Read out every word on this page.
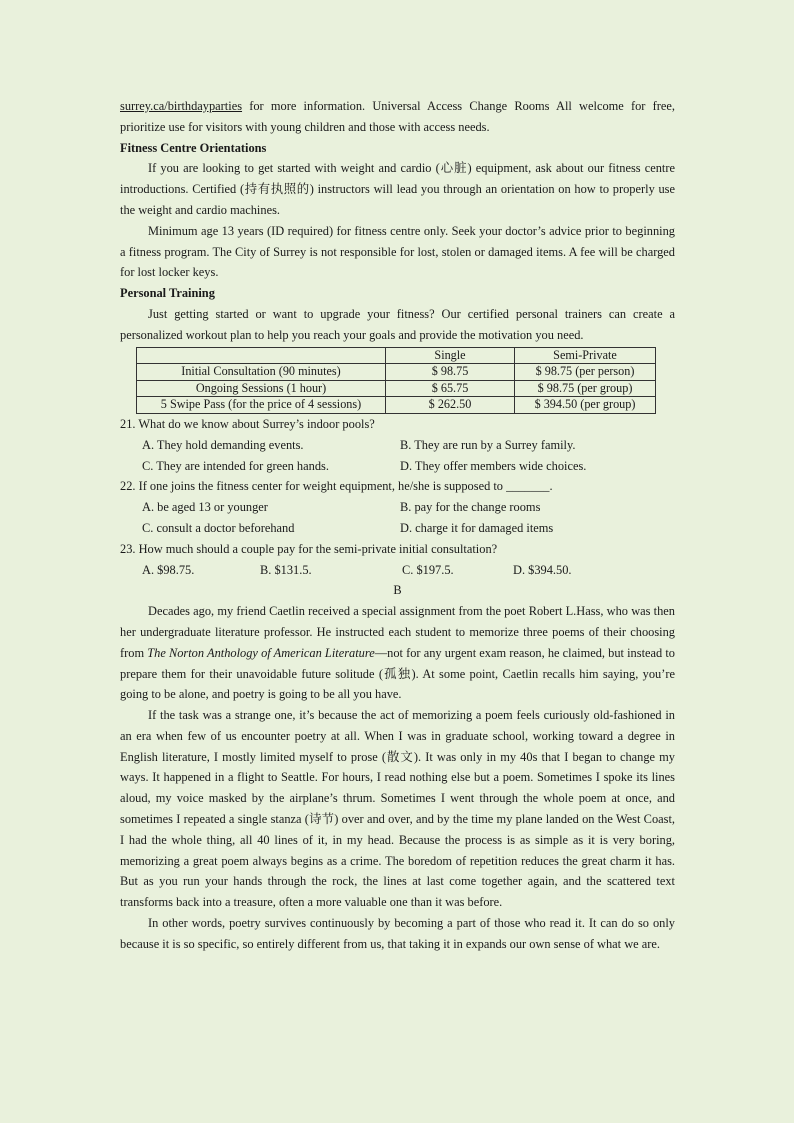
surrey.ca/birthdayparties for more information. Universal Access Change Rooms All welcome for free, prioritize use for visitors with young children and those with access needs.

Fitness Centre Orientations

If you are looking to get started with weight and cardio (心脏) equipment, ask about our fitness centre introductions. Certified (持有执照的) instructors will lead you through an orientation on how to properly use the weight and cardio machines.

Minimum age 13 years (ID required) for fitness centre only. Seek your doctor’s advice prior to beginning a fitness program. The City of Surrey is not responsible for lost, stolen or damaged items. A fee will be charged for lost locker keys.

Personal Training

Just getting started or want to upgrade your fitness? Our certified personal trainers can create a personalized workout plan to help you reach your goals and provide the motivation you need.

	Single	Semi-Private
Initial Consultation (90 minutes)	$ 98.75	$ 98.75 (per person)
Ongoing Sessions (1 hour)	$ 65.75	$ 98.75 (per group)
5 Swipe Pass (for the price of 4 sessions)	$ 262.50	$ 394.50 (per group)

21. What do we know about Surrey’s indoor pools?

A. They hold demanding events.	B. They are run by a Surrey family.
C. They are intended for green hands.	D. They offer members wide choices.

22. If one joins the fitness center for weight equipment, he/she is supposed to _______.

A. be aged 13 or younger	B. pay for the change rooms
C. consult a doctor beforehand	D. charge it for damaged items

23. How much should a couple pay for the semi-private initial consultation?

A. $98.75.	B. $131.5.	C. $197.5.	D. $394.50.

B

Decades ago, my friend Caetlin received a special assignment from the poet Robert L.Hass, who was then her undergraduate literature professor. He instructed each student to memorize three poems of their choosing from The Norton Anthology of American Literature—not for any urgent exam reason, he claimed, but instead to prepare them for their unavoidable future solitude (孤独). At some point, Caetlin recalls him saying, you’re going to be alone, and poetry is going to be all you have.

If the task was a strange one, it’s because the act of memorizing a poem feels curiously old-fashioned in an era when few of us encounter poetry at all. When I was in graduate school, working toward a degree in English literature, I mostly limited myself to prose (散文). It was only in my 40s that I began to change my ways. It happened in a flight to Seattle. For hours, I read nothing else but a poem. Sometimes I spoke its lines aloud, my voice masked by the airplane’s thrum. Sometimes I went through the whole poem at once, and sometimes I repeated a single stanza (诗节) over and over, and by the time my plane landed on the West Coast, I had the whole thing, all 40 lines of it, in my head. Because the process is as simple as it is very boring, memorizing a great poem always begins as a crime. The boredom of repetition reduces the great charm it has. But as you run your hands through the rock, the lines at last come together again, and the scattered text transforms back into a treasure, often a more valuable one than it was before.

In other words, poetry survives continuously by becoming a part of those who read it. It can do so only because it is so specific, so entirely different from us, that taking it in expands our own sense of what we are.
